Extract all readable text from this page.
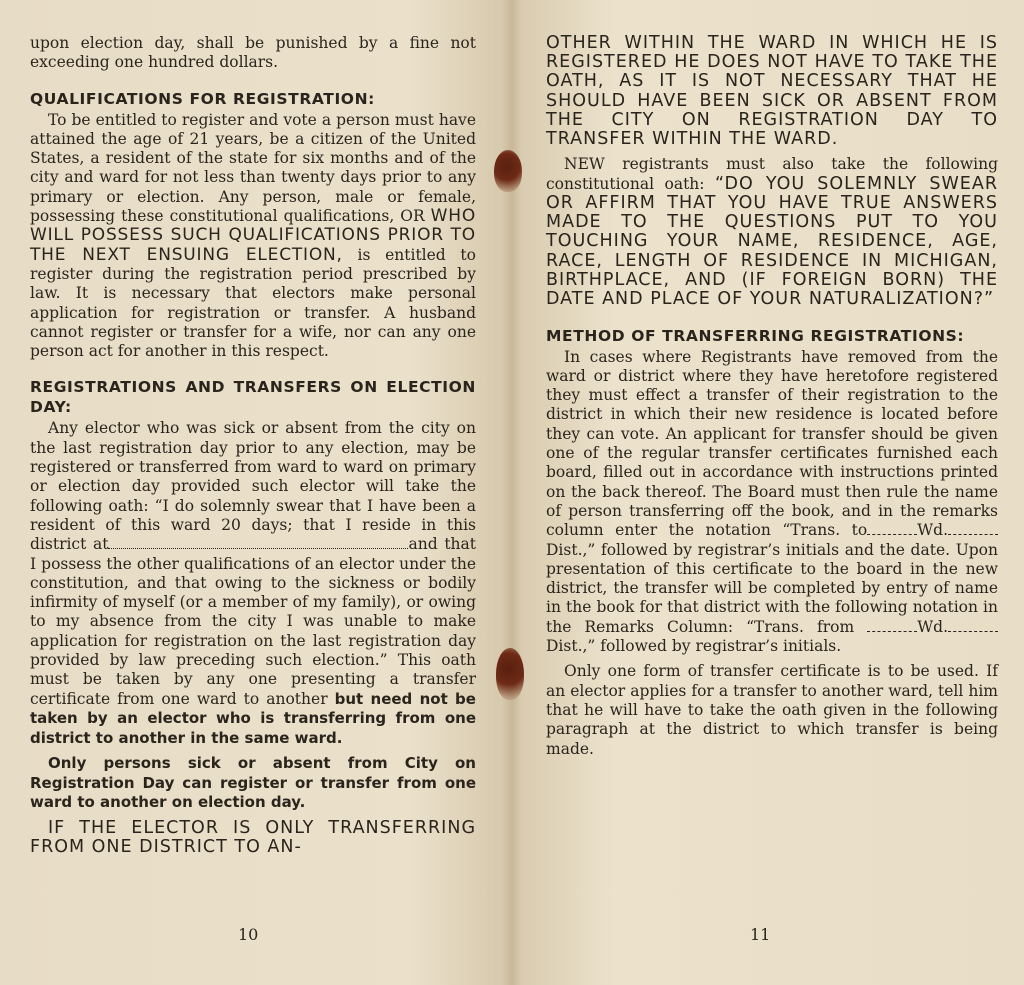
upon election day, shall be punished by a fine not exceeding one hundred dollars.

QUALIFICATIONS FOR REGISTRATION:

To be entitled to register and vote a person must have attained the age of 21 years, be a citizen of the United States, a resident of the state for six months and of the city and ward for not less than twenty days prior to any primary or election. Any person, male or female, possessing these constitutional qualifications, OR WHO WILL POSSESS SUCH QUALIFICATIONS PRIOR TO THE NEXT ENSUING ELECTION, is entitled to register during the registration period prescribed by law. It is necessary that electors make personal application for registration or transfer. A husband cannot register or transfer for a wife, nor can any one person act for another in this respect.

REGISTRATIONS AND TRANSFERS ON ELECTION DAY:

Any elector who was sick or absent from the city on the last registration day prior to any election, may be registered or transferred from ward to ward on primary or election day provided such elector will take the following oath: “I do solemnly swear that I have been a resident of this ward 20 days; that I reside in this district at	and that I possess the other qualifications of an elector under the constitution, and that owing to the sickness or bodily infirmity of myself (or a member of my family), or owing to my absence from the city I was unable to make application for registration on the last registration day provided by law preceding such election.” This oath must be taken by any one presenting a transfer certificate from one ward to another but need not be taken by an elector who is transferring from one district to another in the same ward.

Only persons sick or absent from City on Registration Day can register or transfer from one ward to another on election day.

IF THE ELECTOR IS ONLY TRANSFERRING FROM ONE DISTRICT TO AN-

10

OTHER WITHIN THE WARD IN WHICH HE IS REGISTERED HE DOES NOT HAVE TO TAKE THE OATH, AS IT IS NOT NECESSARY THAT HE SHOULD HAVE BEEN SICK OR ABSENT FROM THE CITY ON REGISTRATION DAY TO TRANSFER WITHIN THE WARD.

NEW registrants must also take the following constitutional oath: “DO YOU SOLEMNLY SWEAR OR AFFIRM THAT YOU HAVE TRUE ANSWERS MADE TO THE QUESTIONS PUT TO YOU TOUCHING YOUR NAME, RESIDENCE, AGE, RACE, LENGTH OF RESIDENCE IN MICHIGAN, BIRTHPLACE, AND (IF FOREIGN BORN) THE DATE AND PLACE OF YOUR NATURALIZATION?”

METHOD OF TRANSFERRING REGISTRATIONS:

In cases where Registrants have removed from the ward or district where they have heretofore registered they must effect a transfer of their registration to the district in which their new residence is located before they can vote. An applicant for transfer should be given one of the regular transfer certificates furnished each board, filled out in accordance with instructions printed on the back thereof. The Board must then rule the name of person transferring off the book, and in the remarks column enter the notation “Trans. to	Wd.Dist.,” followed by registrar’s initials and the date. Upon presentation of this certificate to the board in the new district, the transfer will be completed by entry of name in the book for that district with the following notation in the Remarks Column: “Trans. from	Wd.Dist.,” followed by registrar’s initials.

Only one form of transfer certificate is to be used. If an elector applies for a transfer to another ward, tell him that he will have to take the oath given in the following paragraph at the district to which transfer is being made.

11
